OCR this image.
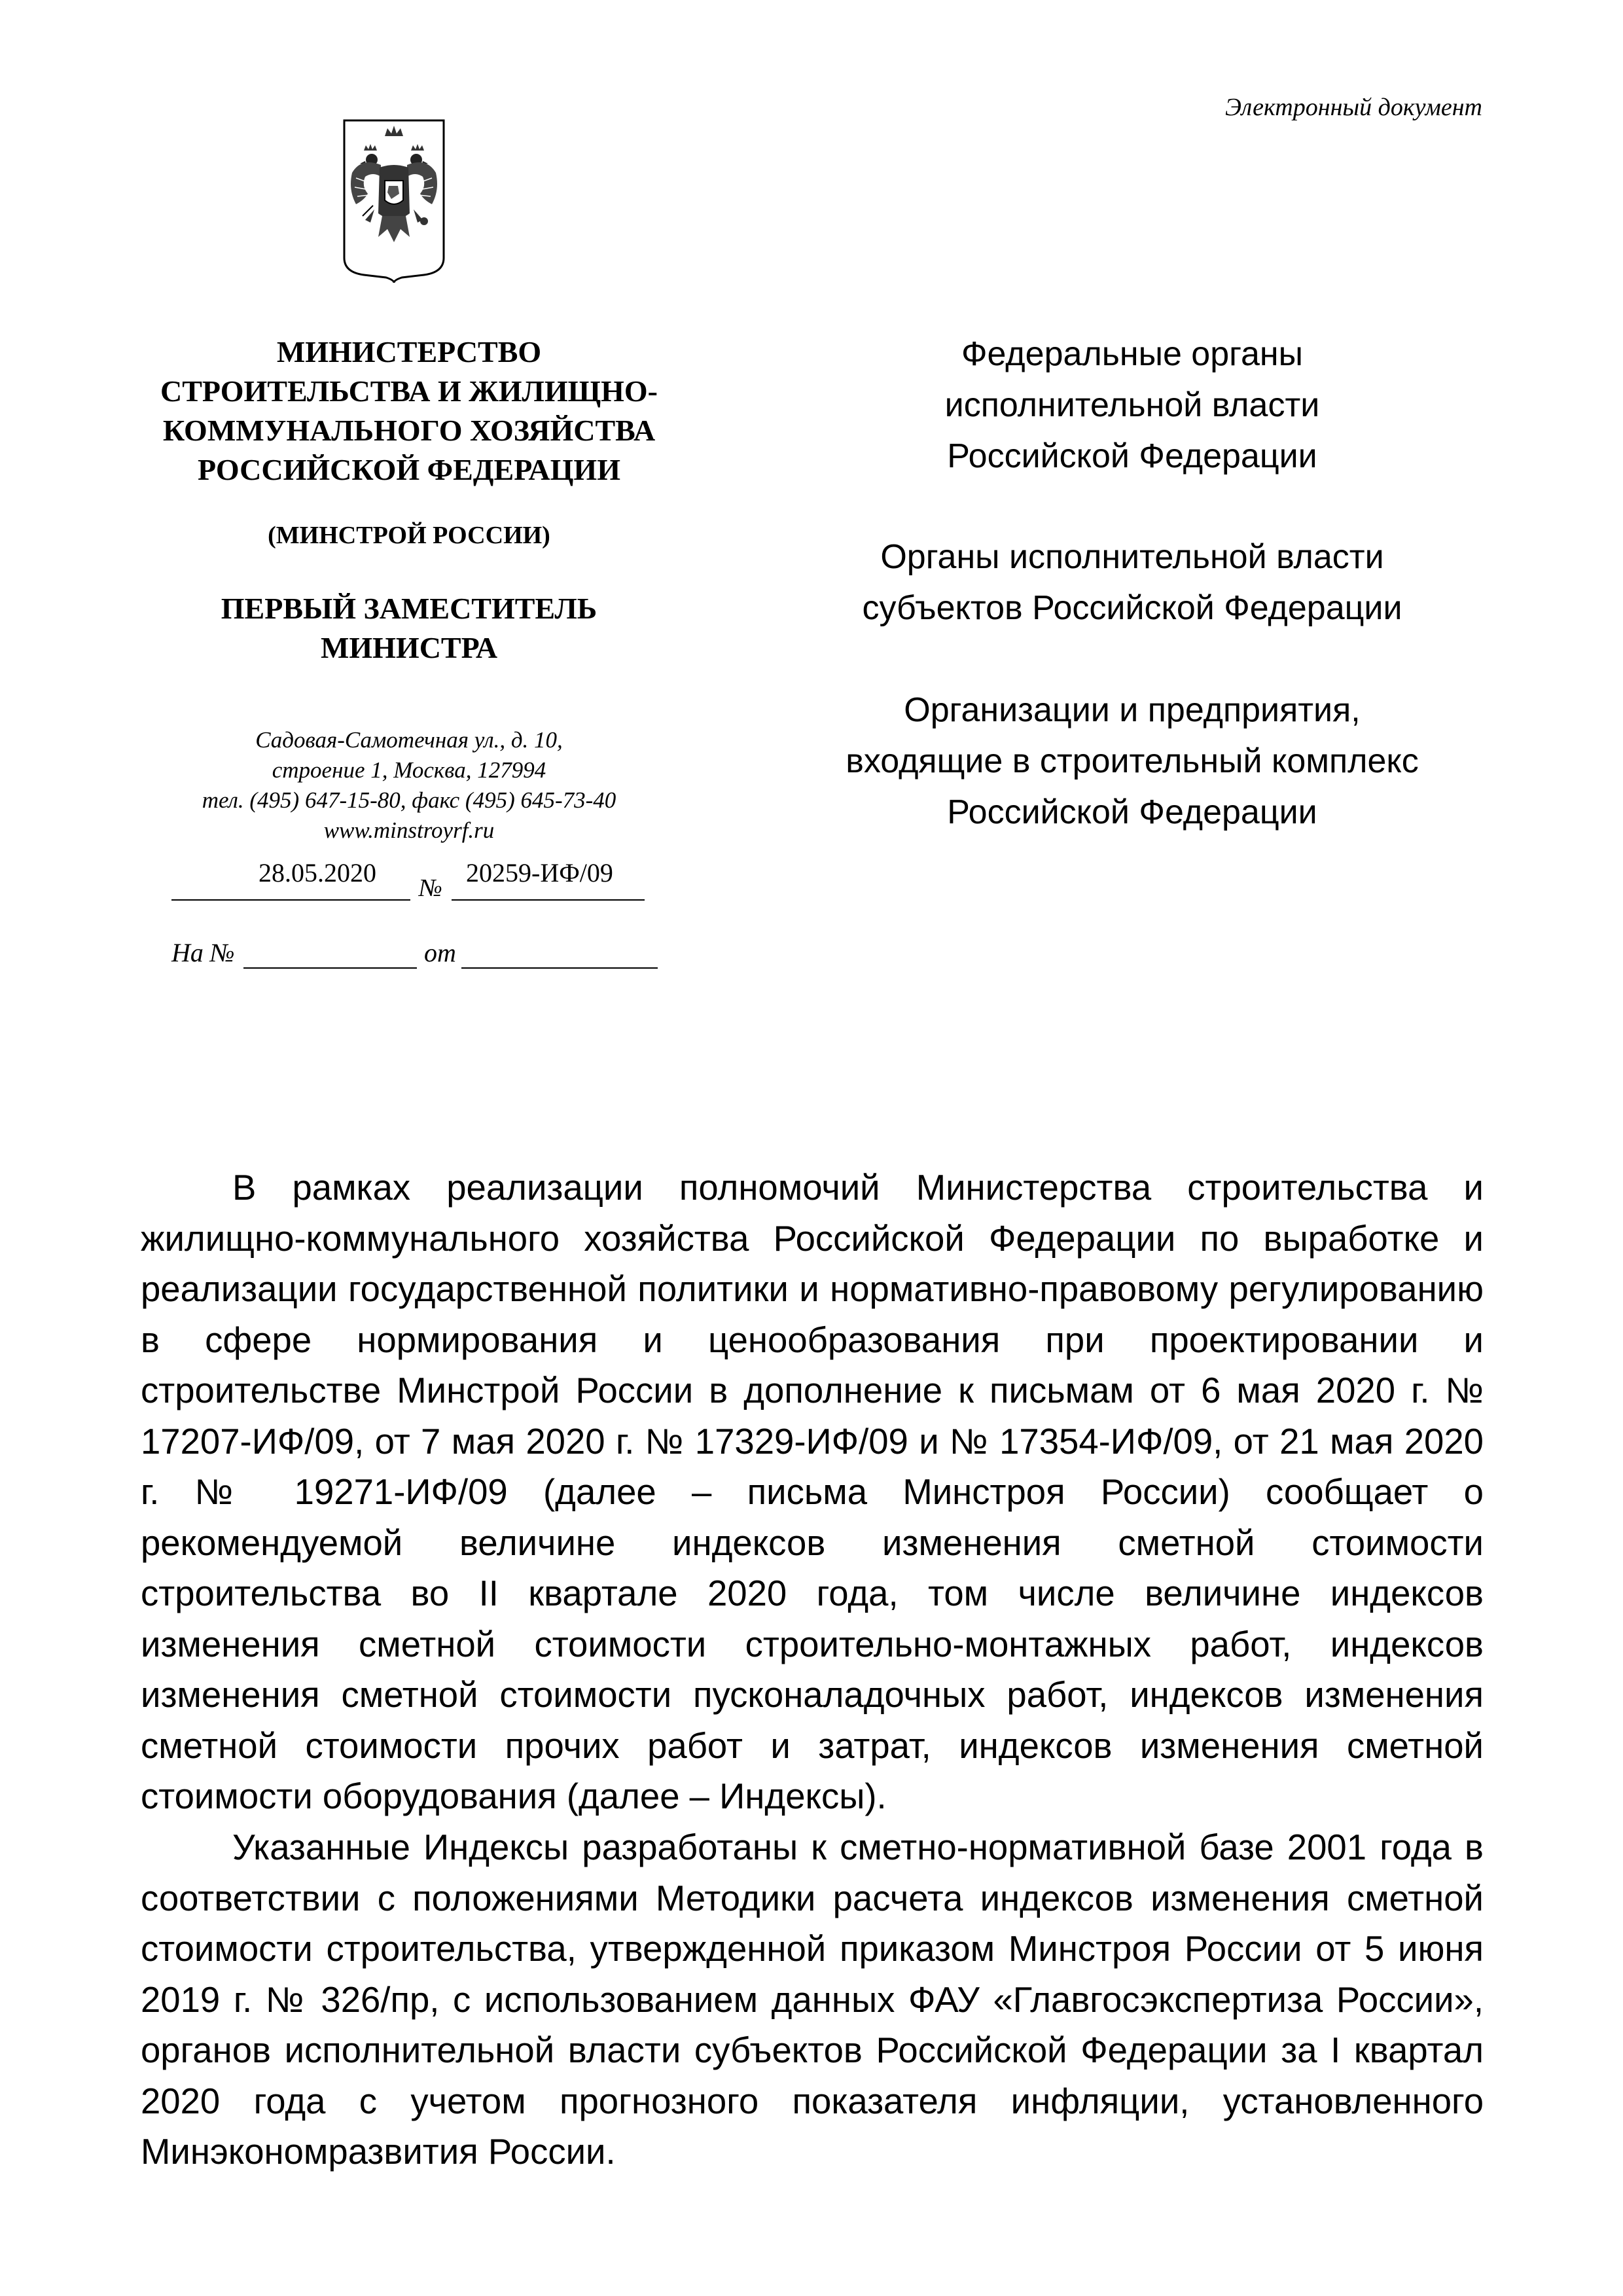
Электронный документ
МИНИСТЕРСТВО
СТРОИТЕЛЬСТВА И ЖИЛИЩНО-
КОММУНАЛЬНОГО ХОЗЯЙСТВА
РОССИЙСКОЙ ФЕДЕРАЦИИ
(МИНСТРОЙ РОССИИ)
ПЕРВЫЙ ЗАМЕСТИТЕЛЬ
МИНИСТРА
Садовая-Самотечная ул., д. 10,
строение 1, Москва, 127994
тел. (495) 647-15-80, факс (495) 645-73-40
www.minstroyrf.ru
28.05.2020
№
20259-ИФ/09
На №	от
Федеральные органы
исполнительной власти
Российской Федерации
Органы исполнительной власти
субъектов Российской Федерации
Организации и предприятия,
входящие в строительный комплекс
Российской Федерации
В рамках реализации полномочий Министерства строительства и жилищно-коммунального хозяйства Российской Федерации по выработке и реализации государственной политики и нормативно-правовому регулированию в сфере нормирования и ценообразования при проектировании и строительстве Минстрой России в дополнение к письмам от 6 мая 2020 г. № 17207-ИФ/09, от 7 мая 2020 г. № 17329-ИФ/09 и № 17354-ИФ/09, от 21 мая 2020 г. № 19271-ИФ/09 (далее – письма Минстроя России) сообщает о рекомендуемой величине индексов изменения сметной стоимости строительства во II квартале 2020 года, том числе величине индексов изменения сметной стоимости строительно-монтажных работ, индексов изменения сметной стоимости пусконаладочных работ, индексов изменения сметной стоимости прочих работ и затрат, индексов изменения сметной стоимости оборудования (далее – Индексы).
Указанные Индексы разработаны к сметно-нормативной базе 2001 года в соответствии с положениями Методики расчета индексов изменения сметной стоимости строительства, утвержденной приказом Минстроя России от 5 июня 2019 г. № 326/пр, с использованием данных ФАУ «Главгосэкспертиза России», органов исполнительной власти субъектов Российской Федерации за I квартал 2020 года с учетом прогнозного показателя инфляции, установленного Минэкономразвития России.
